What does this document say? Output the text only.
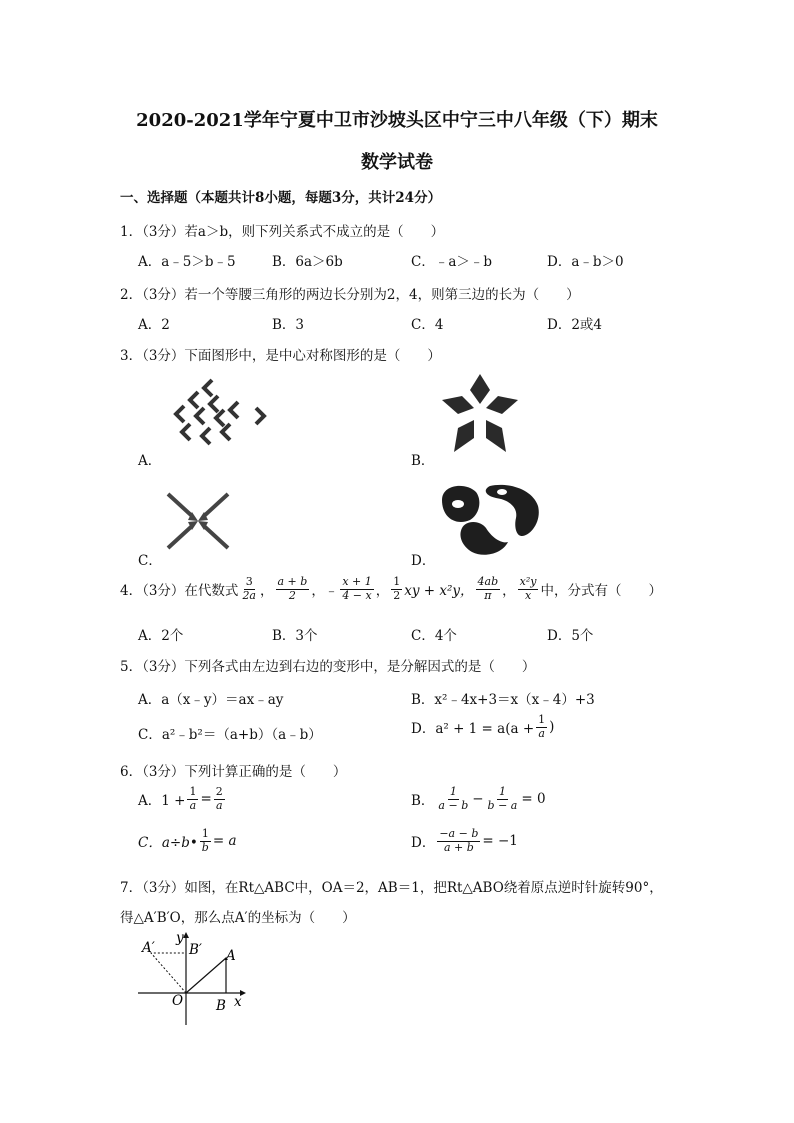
2020-2021学年宁夏中卫市沙坡头区中宁三中八年级（下）期末
数学试卷
一、选择题（本题共计8小题，每题3分，共计24分）
1．（3分）若a＞b，则下列关系式不成立的是（　　）
A．a﹣5＞b﹣5	B．6a＞6b	C．﹣a＞﹣b	D．a﹣b＞0
2．（3分）若一个等腰三角形的两边长分别为2，4，则第三边的长为（　　）
A．2	B．3	C．4	D．2或4
3．（3分）下面图形中，是中心对称图形的是（　　）
A．	B．
C．	D．
4．（3分）在代数式 $\frac{3}{2a}$ ， $\frac{a + b}{2}$ ，﹣ $\frac{x + 1}{4 - x}$ ， $\frac{1}{2}$ xy + x²y， $\frac{4ab}{\pi}$ ， $\frac{\text{x²y}}{x}$ 中，分式有（　　）
A．2个	B．3个	C．4个	D．5个
5．（3分）下列各式由左边到右边的变形中，是分解因式的是（　　）
A．a（x﹣y）＝ax﹣ay	B．x²﹣4x+3＝x（x﹣4）+3
C．a²﹣b²＝（a+b）（a﹣b）	D．$a^2 + 1 = a(a + \frac{1}{a}$ )
6．（3分）下列计算正确的是（　　）
A．$1 + \frac{1}{a} = \frac{2}{a}$	B． $\frac{1}{a - b} - \frac{1}{b - a} = 0$
C．a÷b• $\frac{1}{b} = a$	D． $\frac{-a - b}{a + b} = -1$
7．（3分）如图，在Rt△ABC中，OA＝2，AB＝1，把Rt△ABO绕着原点逆时针旋转90°，
得△A′B′O，那么点A′的坐标为（　　）
A′	B′
y
A
O B x
